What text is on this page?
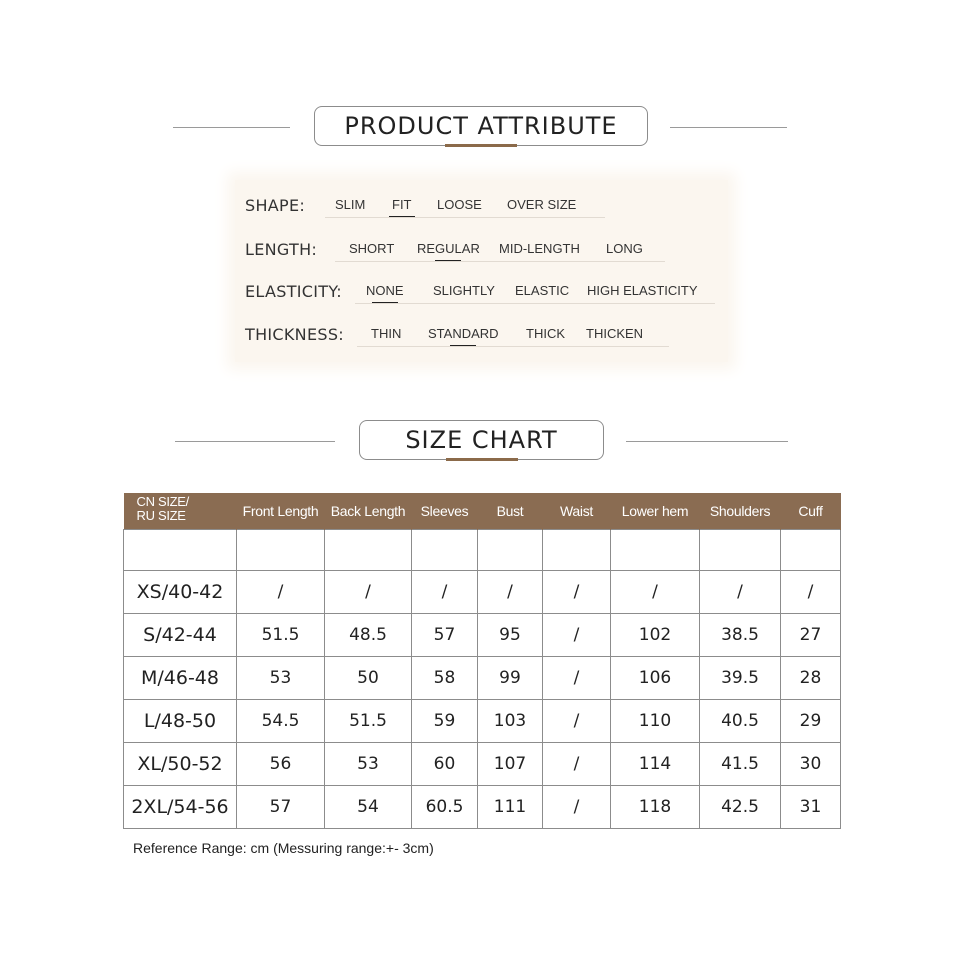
PRODUCT ATTRIBUTE
SHAPE: SLIM FIT LOOSE OVER SIZE
LENGTH: SHORT REGULAR MID-LENGTH LONG
ELASTICITY: NONE SLIGHTLY ELASTIC HIGH ELASTICITY
THICKNESS: THIN STANDARD THICK THICKEN
SIZE CHART
CN SIZE/
RU SIZE	Front Length	Back Length	Sleeves	Bust	Waist	Lower hem	Shoulders	Cuff

XS/40-42	/	/	/	/	/	/	/	/
S/42-44	51.5	48.5	57	95	/	102	38.5	27
M/46-48	53	50	58	99	/	106	39.5	28
L/48-50	54.5	51.5	59	103	/	110	40.5	29
XL/50-52	56	53	60	107	/	114	41.5	30
2XL/54-56	57	54	60.5	111	/	118	42.5	31
Reference Range: cm (Messuring range:+- 3cm)
